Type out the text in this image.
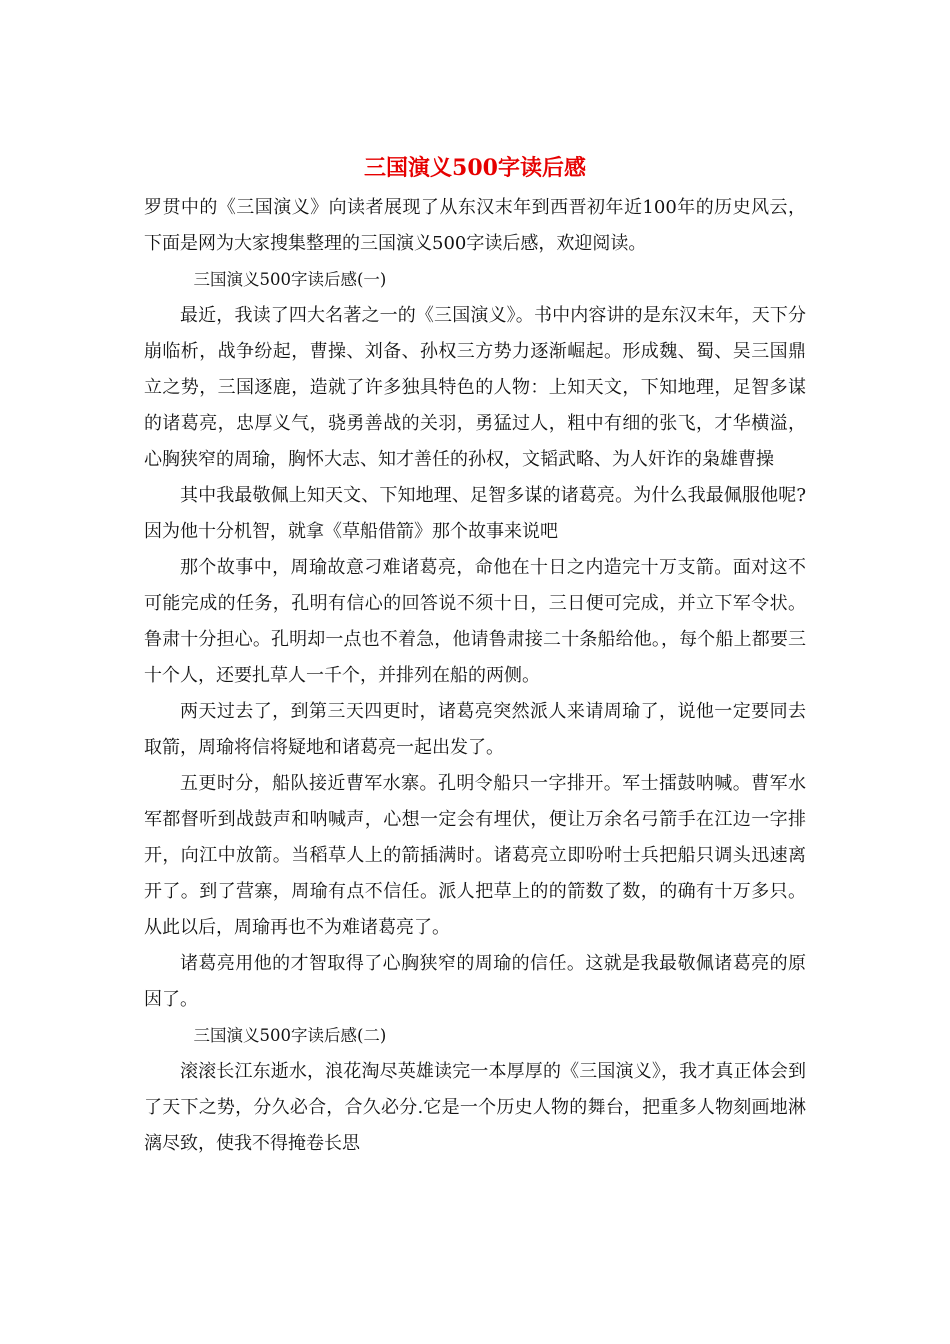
三国演义500字读后感

罗贯中的《三国演义》向读者展现了从东汉末年到西晋初年近100年的历史风云，下面是网为大家搜集整理的三国演义500字读后感，欢迎阅读。

三国演义500字读后感(一)

最近，我读了四大名著之一的《三国演义》。书中内容讲的是东汉末年，天下分崩临析，战争纷起，曹操、刘备、孙权三方势力逐渐崛起。形成魏、蜀、吴三国鼎立之势，三国逐鹿，造就了许多独具特色的人物：上知天文，下知地理，足智多谋的诸葛亮，忠厚义气，骁勇善战的关羽，勇猛过人，粗中有细的张飞，才华横溢，心胸狭窄的周瑜，胸怀大志、知才善任的孙权，文韬武略、为人奸诈的枭雄曹操

其中我最敬佩上知天文、下知地理、足智多谋的诸葛亮。为什么我最佩服他呢?因为他十分机智，就拿《草船借箭》那个故事来说吧

那个故事中，周瑜故意刁难诸葛亮，命他在十日之内造完十万支箭。面对这不可能完成的任务，孔明有信心的回答说不须十日，三日便可完成，并立下军令状。鲁肃十分担心。孔明却一点也不着急，他请鲁肃接二十条船给他。，每个船上都要三十个人，还要扎草人一千个，并排列在船的两侧。

两天过去了，到第三天四更时，诸葛亮突然派人来请周瑜了，说他一定要同去取箭，周瑜将信将疑地和诸葛亮一起出发了。

五更时分，船队接近曹军水寨。孔明令船只一字排开。军士擂鼓呐喊。曹军水军都督听到战鼓声和呐喊声，心想一定会有埋伏，便让万余名弓箭手在江边一字排开，向江中放箭。当稻草人上的箭插满时。诸葛亮立即吩咐士兵把船只调头迅速离开了。到了营寨，周瑜有点不信任。派人把草上的的箭数了数，的确有十万多只。从此以后，周瑜再也不为难诸葛亮了。

诸葛亮用他的才智取得了心胸狭窄的周瑜的信任。这就是我最敬佩诸葛亮的原因了。

三国演义500字读后感(二)

滚滚长江东逝水，浪花淘尽英雄读完一本厚厚的《三国演义》，我才真正体会到了天下之势，分久必合，合久必分.它是一个历史人物的舞台，把重多人物刻画地淋漓尽致，使我不得掩卷长思
